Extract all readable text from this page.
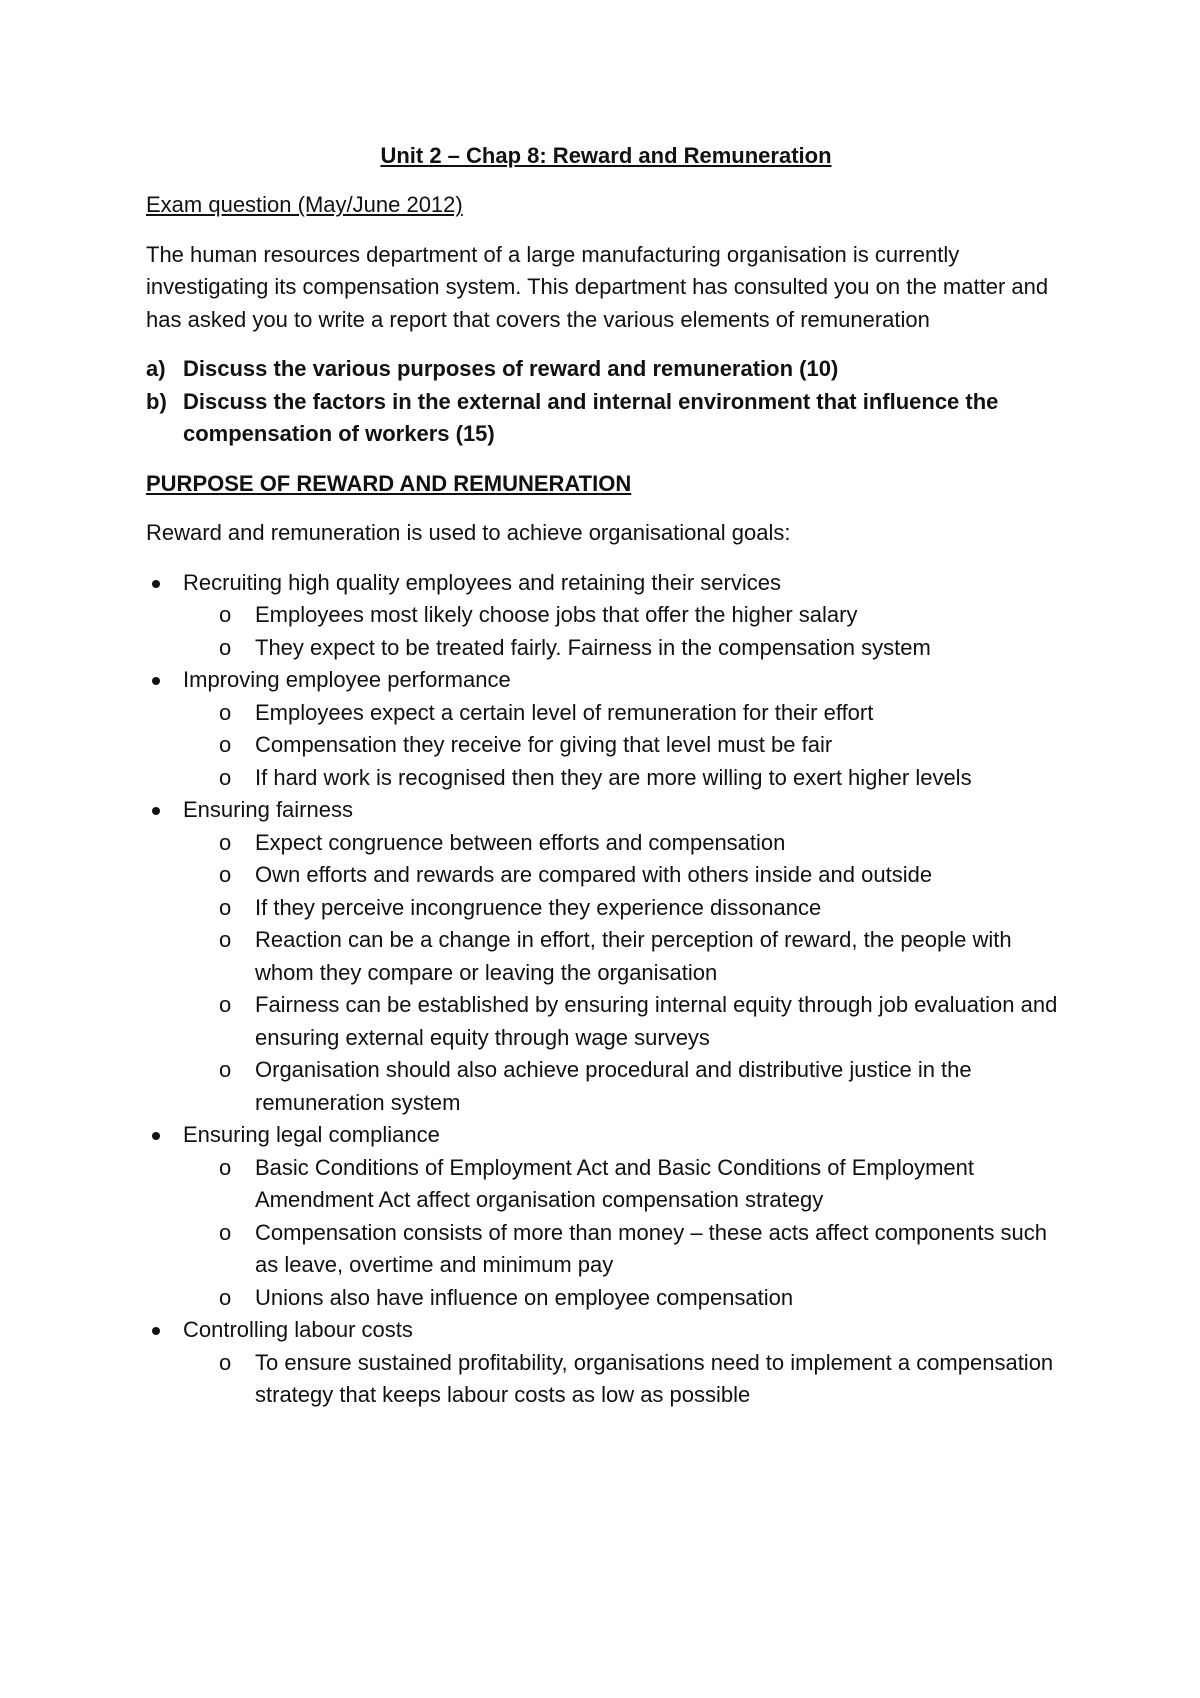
Unit 2 – Chap 8: Reward and Remuneration
Exam question (May/June 2012)
The human resources department of a large manufacturing organisation is currently investigating its compensation system. This department has consulted you on the matter and has asked you to write a report that covers the various elements of remuneration
a) Discuss the various purposes of reward and remuneration (10)
b) Discuss the factors in the external and internal environment that influence the compensation of workers (15)
PURPOSE OF REWARD AND REMUNERATION
Reward and remuneration is used to achieve organisational goals:
Recruiting high quality employees and retaining their services
o Employees most likely choose jobs that offer the higher salary
o They expect to be treated fairly. Fairness in the compensation system
Improving employee performance
o Employees expect a certain level of remuneration for their effort
o Compensation they receive for giving that level must be fair
o If hard work is recognised then they are more willing to exert higher levels
Ensuring fairness
o Expect congruence between efforts and compensation
o Own efforts and rewards are compared with others inside and outside
o If they perceive incongruence they experience dissonance
o Reaction can be a change in effort, their perception of reward, the people with whom they compare or leaving the organisation
o Fairness can be established by ensuring internal equity through job evaluation and ensuring external equity through wage surveys
o Organisation should also achieve procedural and distributive justice in the remuneration system
Ensuring legal compliance
o Basic Conditions of Employment Act and Basic Conditions of Employment Amendment Act affect organisation compensation strategy
o Compensation consists of more than money – these acts affect components such as leave, overtime and minimum pay
o Unions also have influence on employee compensation
Controlling labour costs
o To ensure sustained profitability, organisations need to implement a compensation strategy that keeps labour costs as low as possible
